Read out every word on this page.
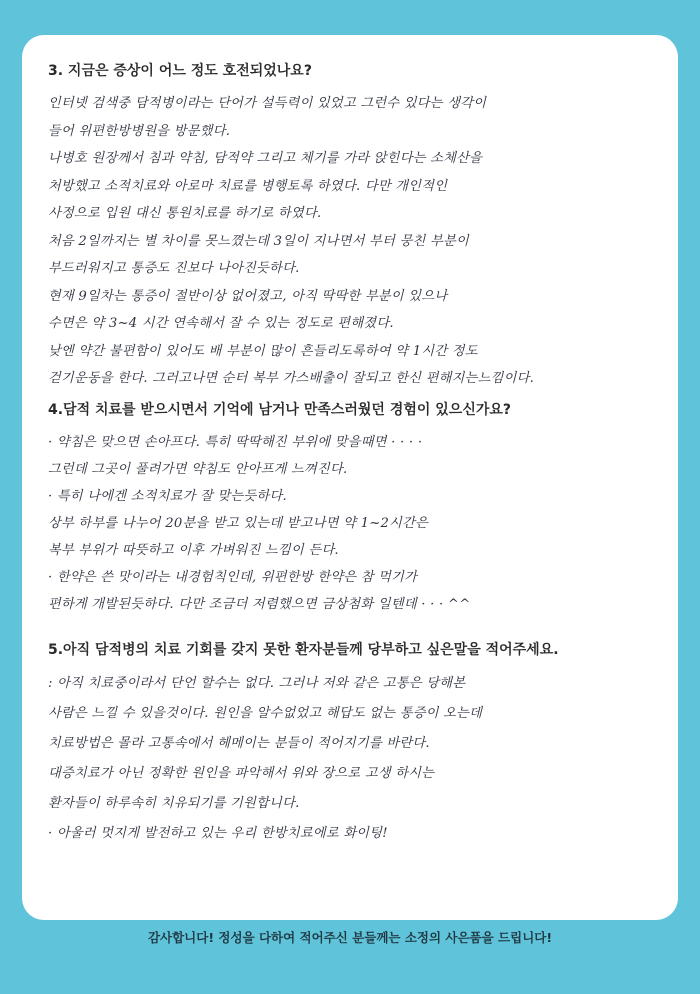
3. 지금은 증상이 어느 정도 호전되었나요?

인터넷 검색중 담적병이라는 단어가 설득력이 있었고 그런수 있다는 생각이
들어 위편한방병원을 방문했다.
나병호 원장께서 침과 약침, 담적약 그리고 체기를 가라 앉힌다는 소체산을
처방했고 소적치료와 아로마 치료를 병행토록 하였다. 다만 개인적인
사정으로 입원 대신 통원치료를 하기로 하였다.
처음 2일까지는 별 차이를 못느꼈는데 3일이 지나면서 부터 뭉친 부분이
부드러워지고 통증도 진보다 나아진듯하다.
현재 9일차는 통증이 절반이상 없어졌고, 아직 딱딱한 부분이 있으나
수면은 약 3~4 시간 연속해서 잘 수 있는 정도로 편해졌다.
낮엔 약간 불편함이 있어도 배 부분이 많이 흔들리도록하여 약 1시간 정도
걷기운동을 한다. 그러고나면 순터 복부 가스배출이 잘되고 한신 편해지는느낌이다.

4.담적 치료를 받으시면서 기억에 남거나 만족스러웠던 경험이 있으신가요?

· 약침은 맞으면 손아프다. 특히 딱딱해진 부위에 맞을때면 · · · ·
그런데 그곳이 풀려가면 약침도 안아프게 느껴진다.
· 특히 나에겐 소적치료가 잘 맞는듯하다.
상부 하부를 나누어 20분을 받고 있는데 받고나면 약 1~2시간은
복부 부위가 따뜻하고 이후 가벼워진 느낌이 든다.
· 한약은 쓴 맛이라는 내경험칙인데, 위편한방 한약은 참 먹기가
편하게 개발된듯하다. 다만 조금더 저렴했으면 금상첨화 일텐데 · · · ^^

5.아직 담적병의 치료 기회를 갖지 못한 환자분들께 당부하고 싶은말을 적어주세요.

: 아직 치료중이라서 단언 할수는 없다. 그러나 저와 같은 고통은 당해본
사람은 느낄 수 있을것이다. 원인을 알수없었고 해답도 없는 통증이 오는데
치료방법은 몰라 고통속에서 헤메이는 분들이 적어지기를 바란다.
대증치료가 아닌 정확한 원인을 파악해서 위와 장으로 고생 하시는
환자들이 하루속히 치유되기를 기원합니다.
· 아울러 멋지게 발전하고 있는 우리 한방치료에로 화이팅!
감사합니다! 정성을 다하여 적어주신 분들께는 소정의 사은품을 드립니다!
